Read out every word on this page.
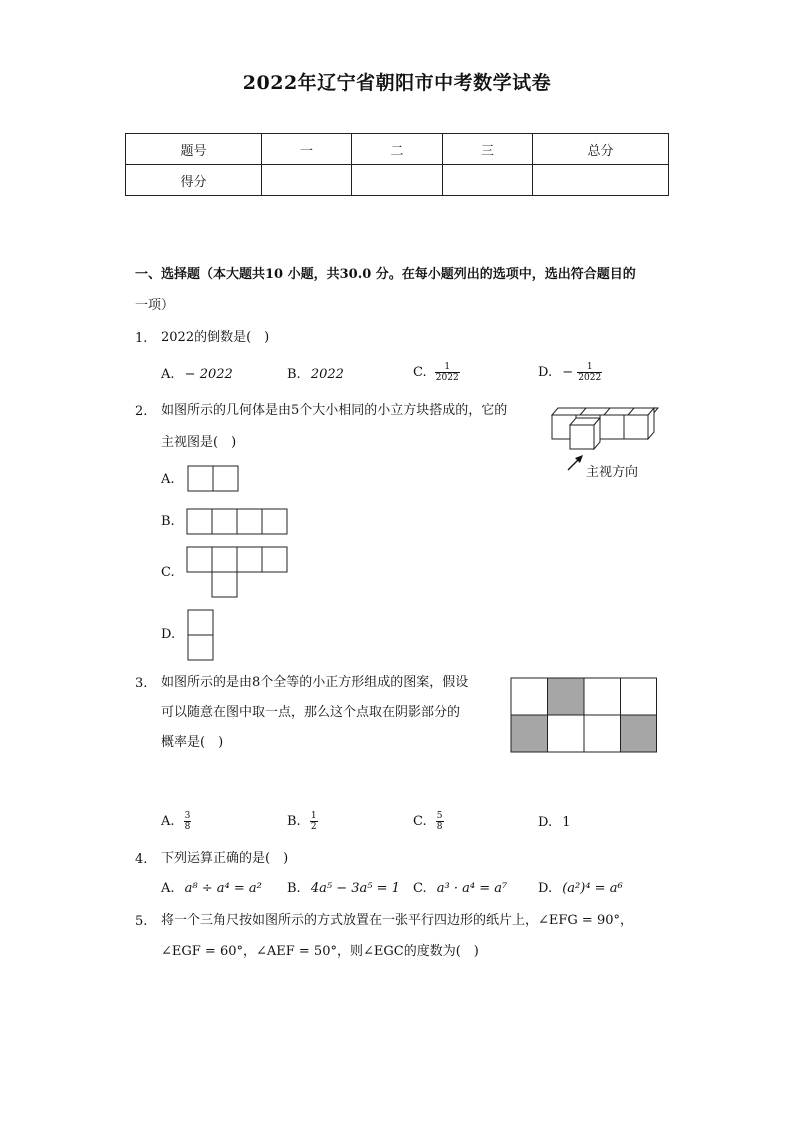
2022年辽宁省朝阳市中考数学试卷
题号	一	二	三	总分
得分				
一、选择题（本大题共10 小题，共30.0 分。在每小题列出的选项中，选出符合题目的
一项）
1. 2022的倒数是(　)
A. − 2022	B. 2022	C. $\frac{1}{2022}$	D. − $\frac{1}{2022}$
2. 如图所示的几何体是由5个大小相同的小立方块搭成的，它的
主视图是(　)
主视方向
A.
B.
C.
D.
3. 如图所示的是由8个全等的小正方形组成的图案，假设
可以随意在图中取一点，那么这个点取在阴影部分的
概率是(　)
A. $\frac{3}{8}$	B. $\frac{1}{2}$	C. $\frac{5}{8}$	D. 1
4. 下列运算正确的是(　)
A. a⁸ ÷ a⁴ = a² B. 4a⁵ − 3a⁵ = 1 C. a³ · a⁴ = a⁷ D. (a²)⁴ = a⁶
5. 将一个三角尺按如图所示的方式放置在一张平行四边形的纸片上，∠EFG = 90°，
∠EGF = 60°，∠AEF = 50°，则∠EGC的度数为(　)
